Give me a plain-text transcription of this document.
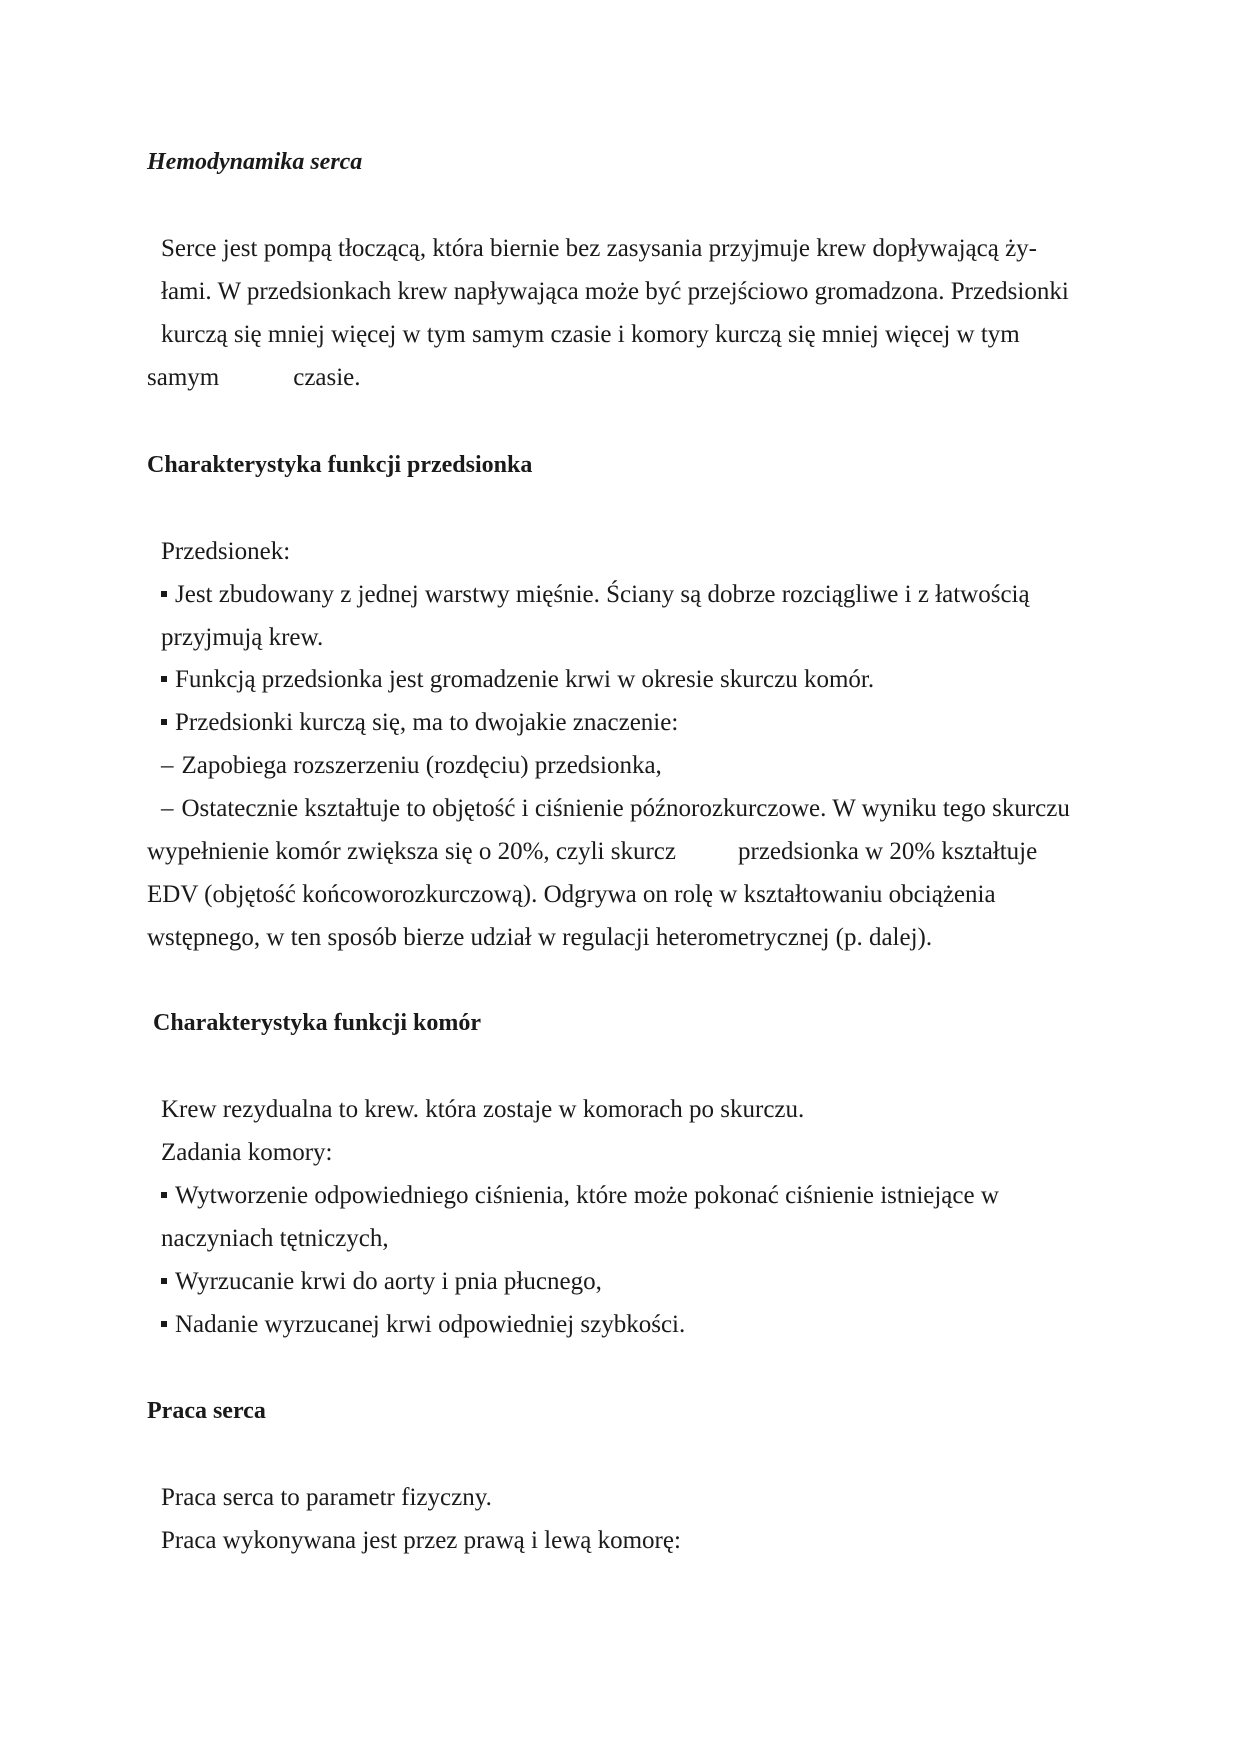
Hemodynamika serca
Serce jest pompą tłoczącą, która biernie bez zasysania przyjmuje krew dopływającą ży-
łami. W przedsionkach krew napływająca może być przejściowo gromadzona. Przedsionki
kurczą się mniej więcej w tym samym czasie i komory kurczą się mniej więcej w tym
samym	czasie.
Charakterystyka funkcji przedsionka
Przedsionek:
Jest zbudowany z jednej warstwy mięśnie. Ściany są dobrze rozciągliwe i z łatwością
przyjmują krew.
Funkcją przedsionka jest gromadzenie krwi w okresie skurczu komór.
Przedsionki kurczą się, ma to dwojakie znaczenie:
– Zapobiega rozszerzeniu (rozdęciu) przedsionka,
– Ostatecznie kształtuje to objętość i ciśnienie późnorozkurczowe. W wyniku tego skurczu
wypełnienie komór zwiększa się o 20%, czyli skurcz przedsionka w 20% kształtuje
EDV (objętość końcoworozkurczową). Odgrywa on rolę w kształtowaniu obciążenia
wstępnego, w ten sposób bierze udział w regulacji heterometrycznej (p. dalej).
Charakterystyka funkcji komór
Krew rezydualna to krew. która zostaje w komorach po skurczu.
Zadania komory:
Wytworzenie odpowiedniego ciśnienia, które może pokonać ciśnienie istniejące w
naczyniach tętniczych,
Wyrzucanie krwi do aorty i pnia płucnego,
Nadanie wyrzucanej krwi odpowiedniej szybkości.
Praca serca
Praca serca to parametr fizyczny.
Praca wykonywana jest przez prawą i lewą komorę:
